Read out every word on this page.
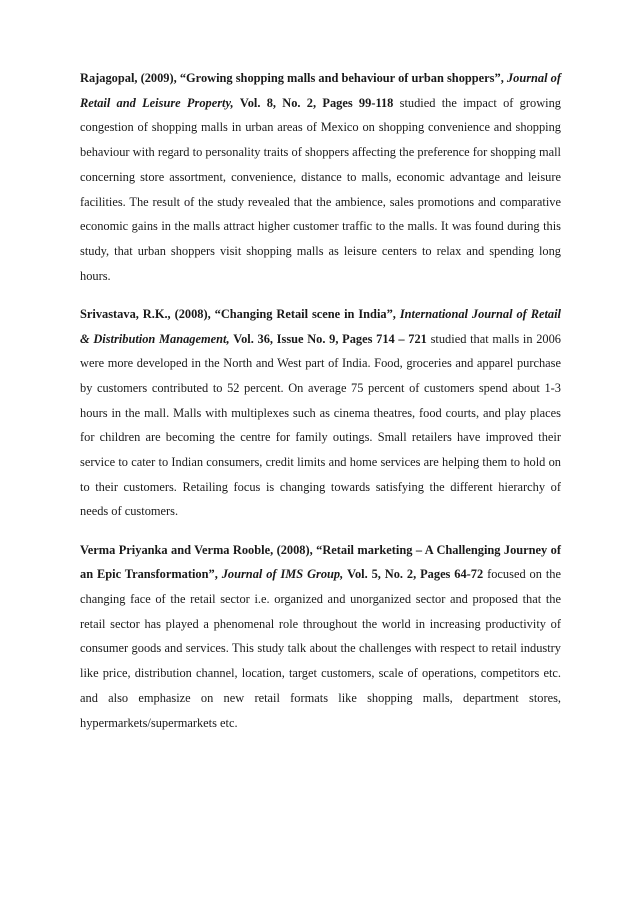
Rajagopal, (2009), “Growing shopping malls and behaviour of urban shoppers”, Journal of Retail and Leisure Property, Vol. 8, No. 2, Pages 99-118 studied the impact of growing congestion of shopping malls in urban areas of Mexico on shopping convenience and shopping behaviour with regard to personality traits of shoppers affecting the preference for shopping mall concerning store assortment, convenience, distance to malls, economic advantage and leisure facilities. The result of the study revealed that the ambience, sales promotions and comparative economic gains in the malls attract higher customer traffic to the malls. It was found during this study, that urban shoppers visit shopping malls as leisure centers to relax and spending long hours.

Srivastava, R.K., (2008), “Changing Retail scene in India”, International Journal of Retail & Distribution Management, Vol. 36, Issue No. 9, Pages 714 – 721 studied that malls in 2006 were more developed in the North and West part of India. Food, groceries and apparel purchase by customers contributed to 52 percent. On average 75 percent of customers spend about 1-3 hours in the mall. Malls with multiplexes such as cinema theatres, food courts, and play places for children are becoming the centre for family outings. Small retailers have improved their service to cater to Indian consumers, credit limits and home services are helping them to hold on to their customers. Retailing focus is changing towards satisfying the different hierarchy of needs of customers.

Verma Priyanka and Verma Rooble, (2008), “Retail marketing – A Challenging Journey of an Epic Transformation”, Journal of IMS Group, Vol. 5, No. 2, Pages 64-72 focused on the changing face of the retail sector i.e. organized and unorganized sector and proposed that the retail sector has played a phenomenal role throughout the world in increasing productivity of consumer goods and services. This study talk about the challenges with respect to retail industry like price, distribution channel, location, target customers, scale of operations, competitors etc. and also emphasize on new retail formats like shopping malls, department stores, hypermarkets/supermarkets etc.
